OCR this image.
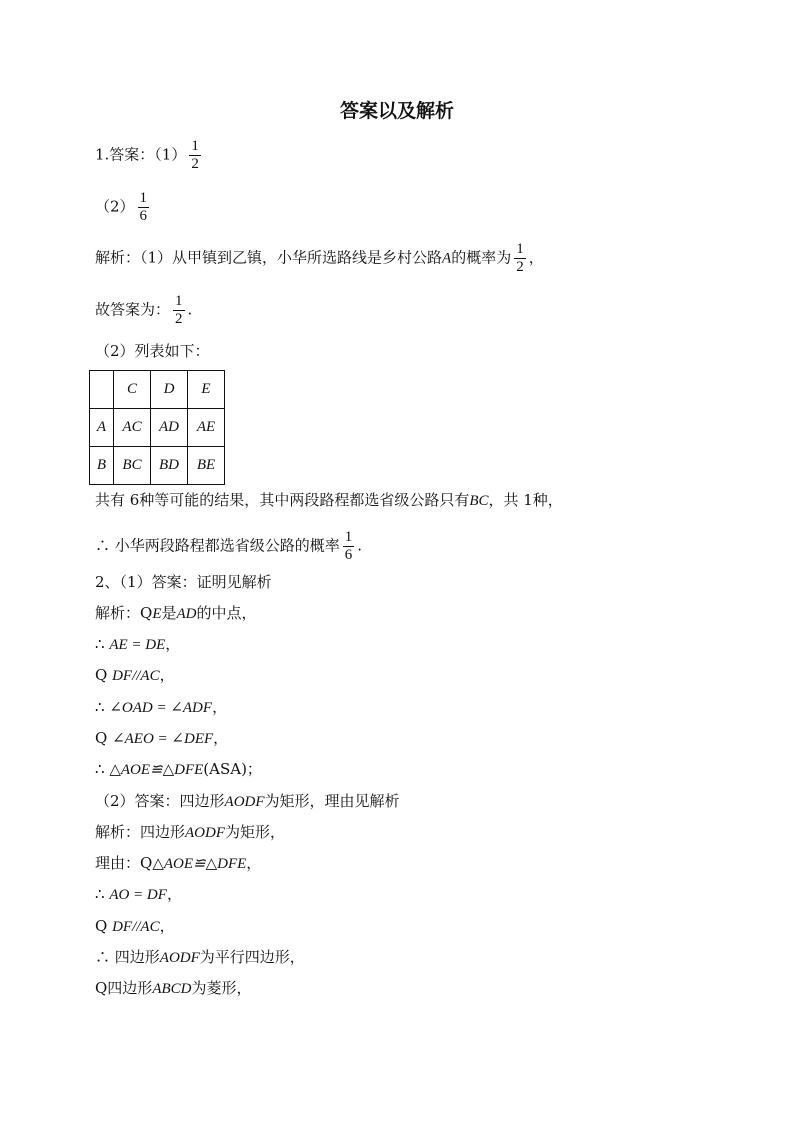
答案以及解析
1.答案：$(1) \frac{1}{2}$
$(2) \frac{1}{6}$
解析：（1）从甲镇到乙镇，小华所选路线是乡村公路A的概率为 $\frac{1}{2}$ ，
故答案为： $\frac{1}{2}$ .
（2）列表如下：
	C	D	E
A	AC	AD	AE
B	BC	BD	BE
共有 6种等可能的结果，其中两段路程都选省级公路只有BC，共 1种，
∴ 小华两段路程都选省级公路的概率 $\frac{1}{6}$ .
2、（1）答案：证明见解析
解析：QE是AD的中点，
∴ AE = DE，
Q DF//AC，
∴ ∠OAD = ∠ADF，
Q ∠AEO = ∠DEF，
∴ △AOE≌△DFE(ASA)；
（2）答案：四边形AODF为矩形，理由见解析
解析：四边形AODF为矩形，
理由：Q△AOE≌△DFE，
∴ AO = DF，
Q DF//AC，
∴ 四边形AODF为平行四边形，
Q四边形ABCD为菱形，
